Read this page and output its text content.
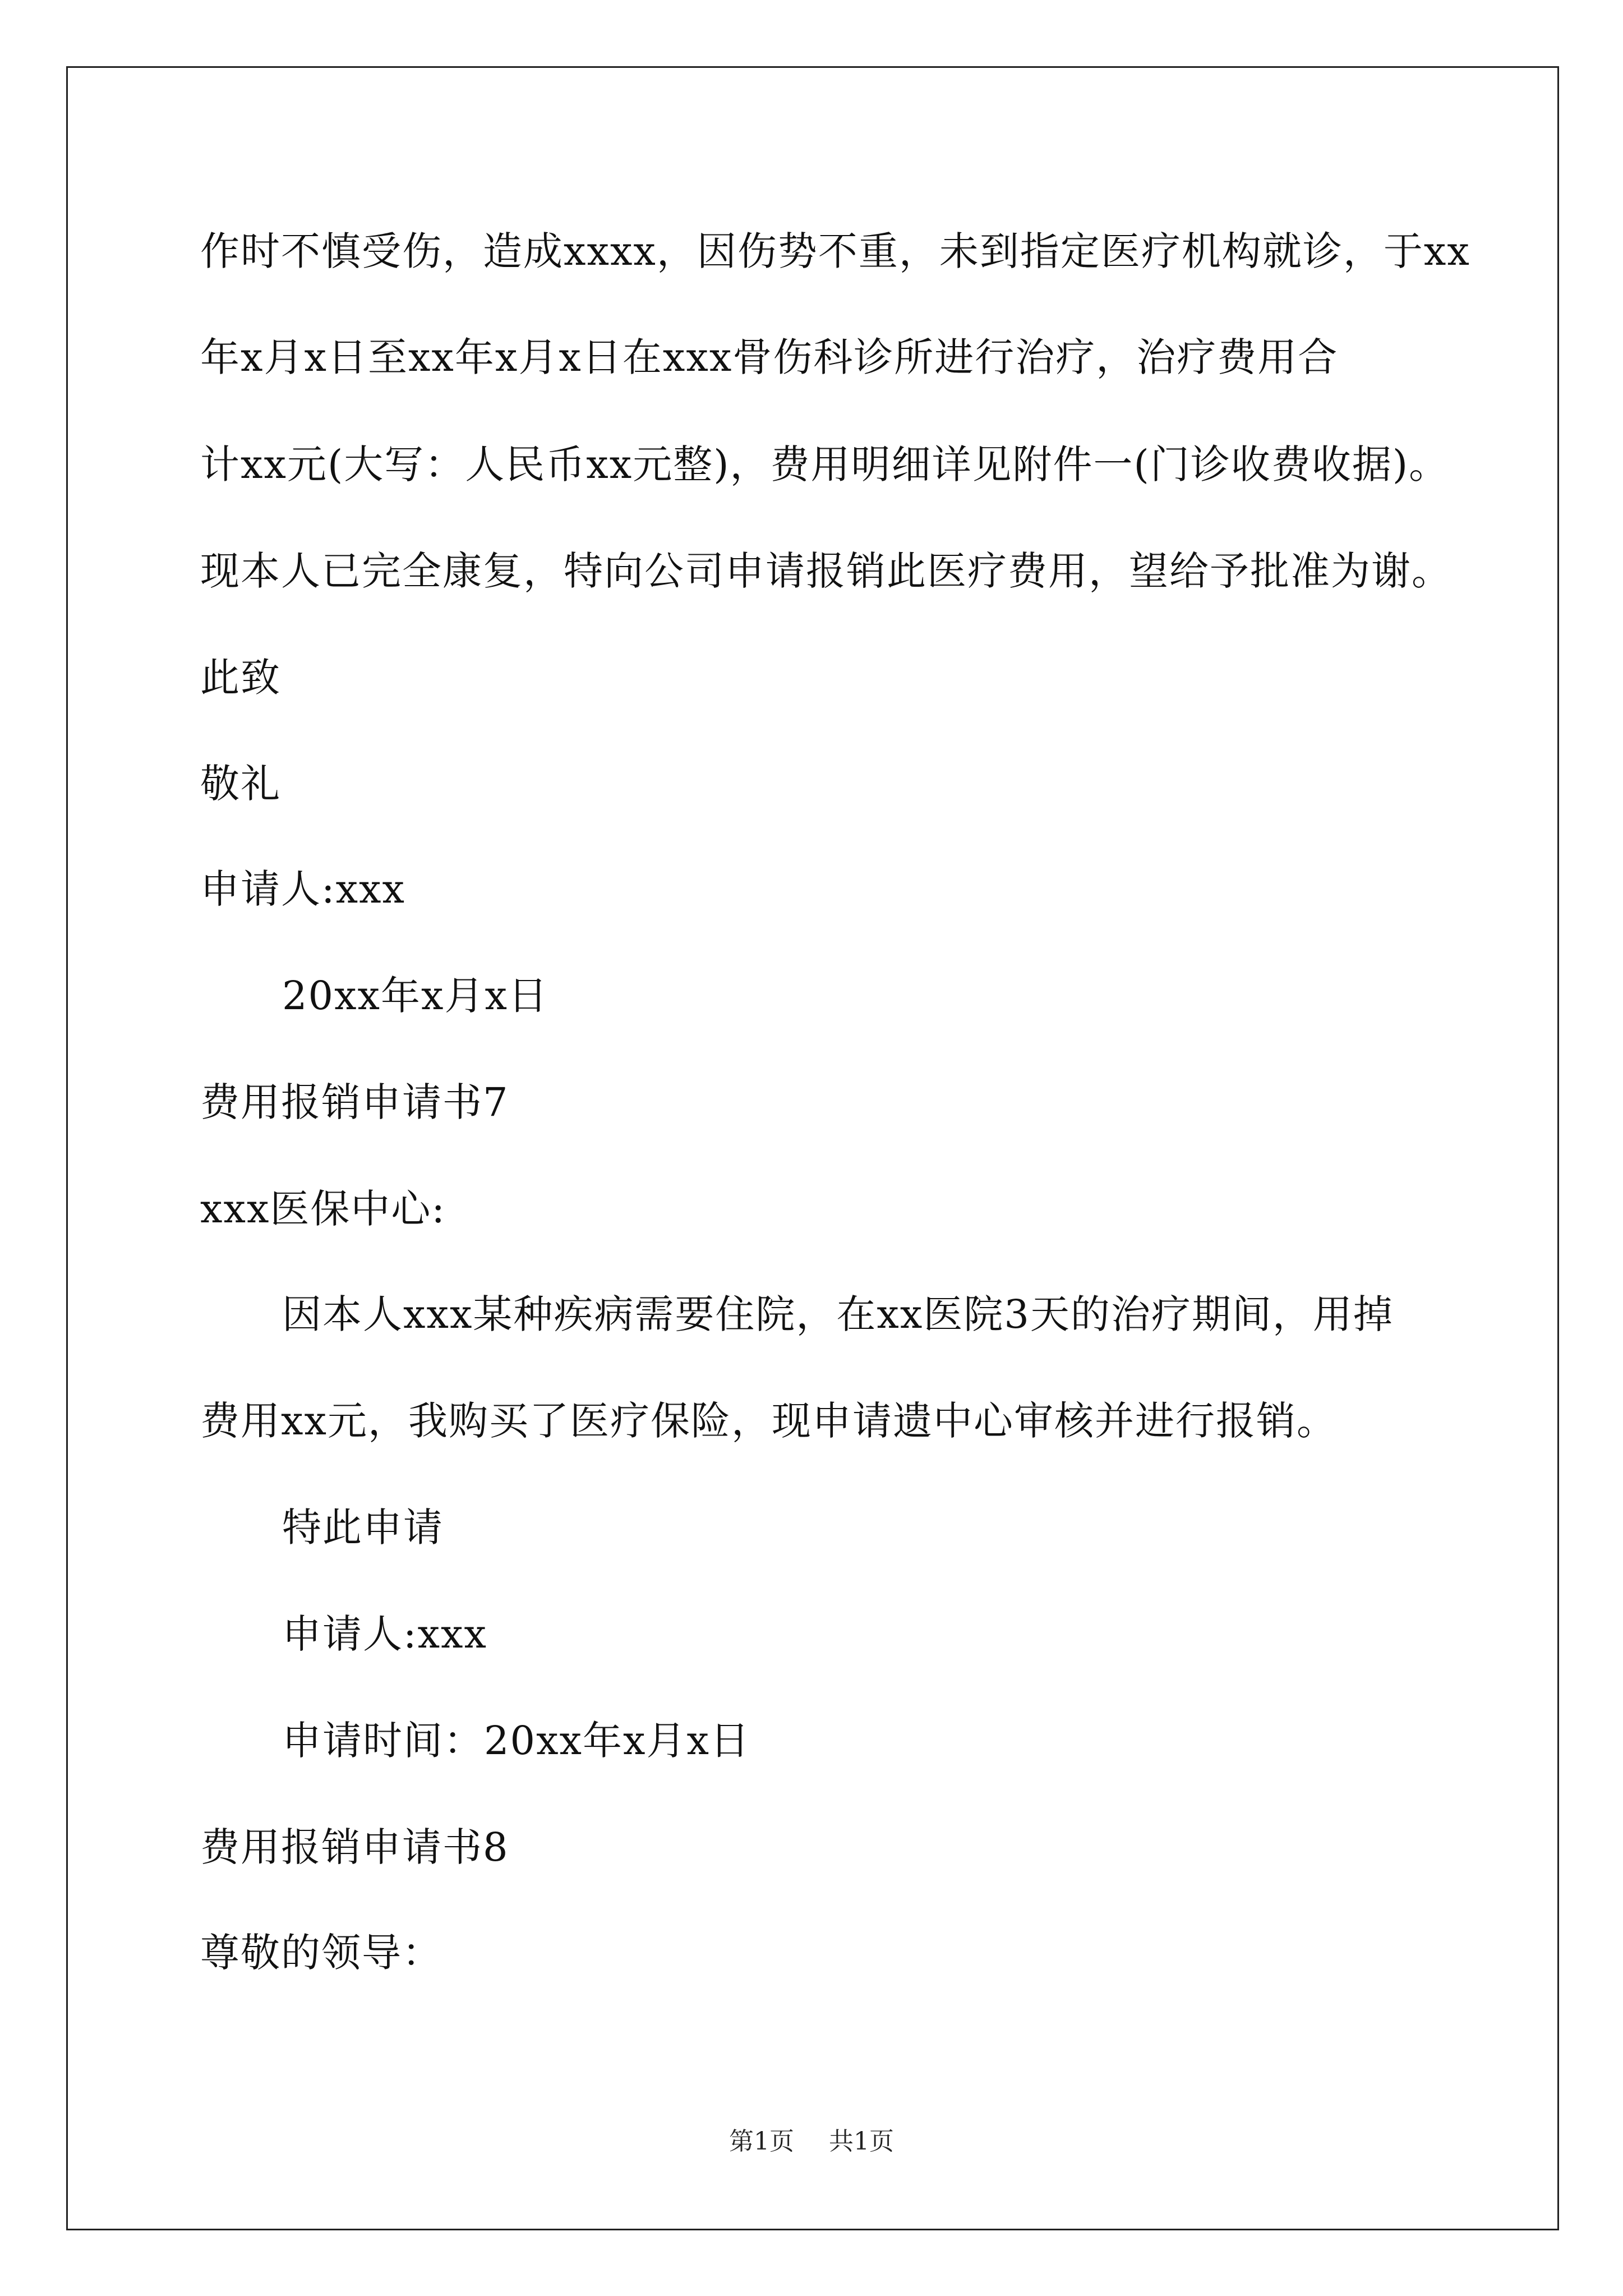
作时不慎受伤，造成xxxx，因伤势不重，未到指定医疗机构就诊，于xx
年x月x日至xx年x月x日在xxx骨伤科诊所进行治疗，治疗费用合
计xx元(大写：人民币xx元整)，费用明细详见附件一(门诊收费收据)。
现本人已完全康复，特向公司申请报销此医疗费用，望给予批准为谢。
此致
敬礼
申请人:xxx
20xx年x月x日
费用报销申请书7
xxx医保中心:
因本人xxx某种疾病需要住院，在xx医院3天的治疗期间，用掉
费用xx元，我购买了医疗保险，现申请遗中心审核并进行报销。
特此申请
申请人:xxx
申请时间：20xx年x月x日
费用报销申请书8
尊敬的领导：
第1页 共1页
